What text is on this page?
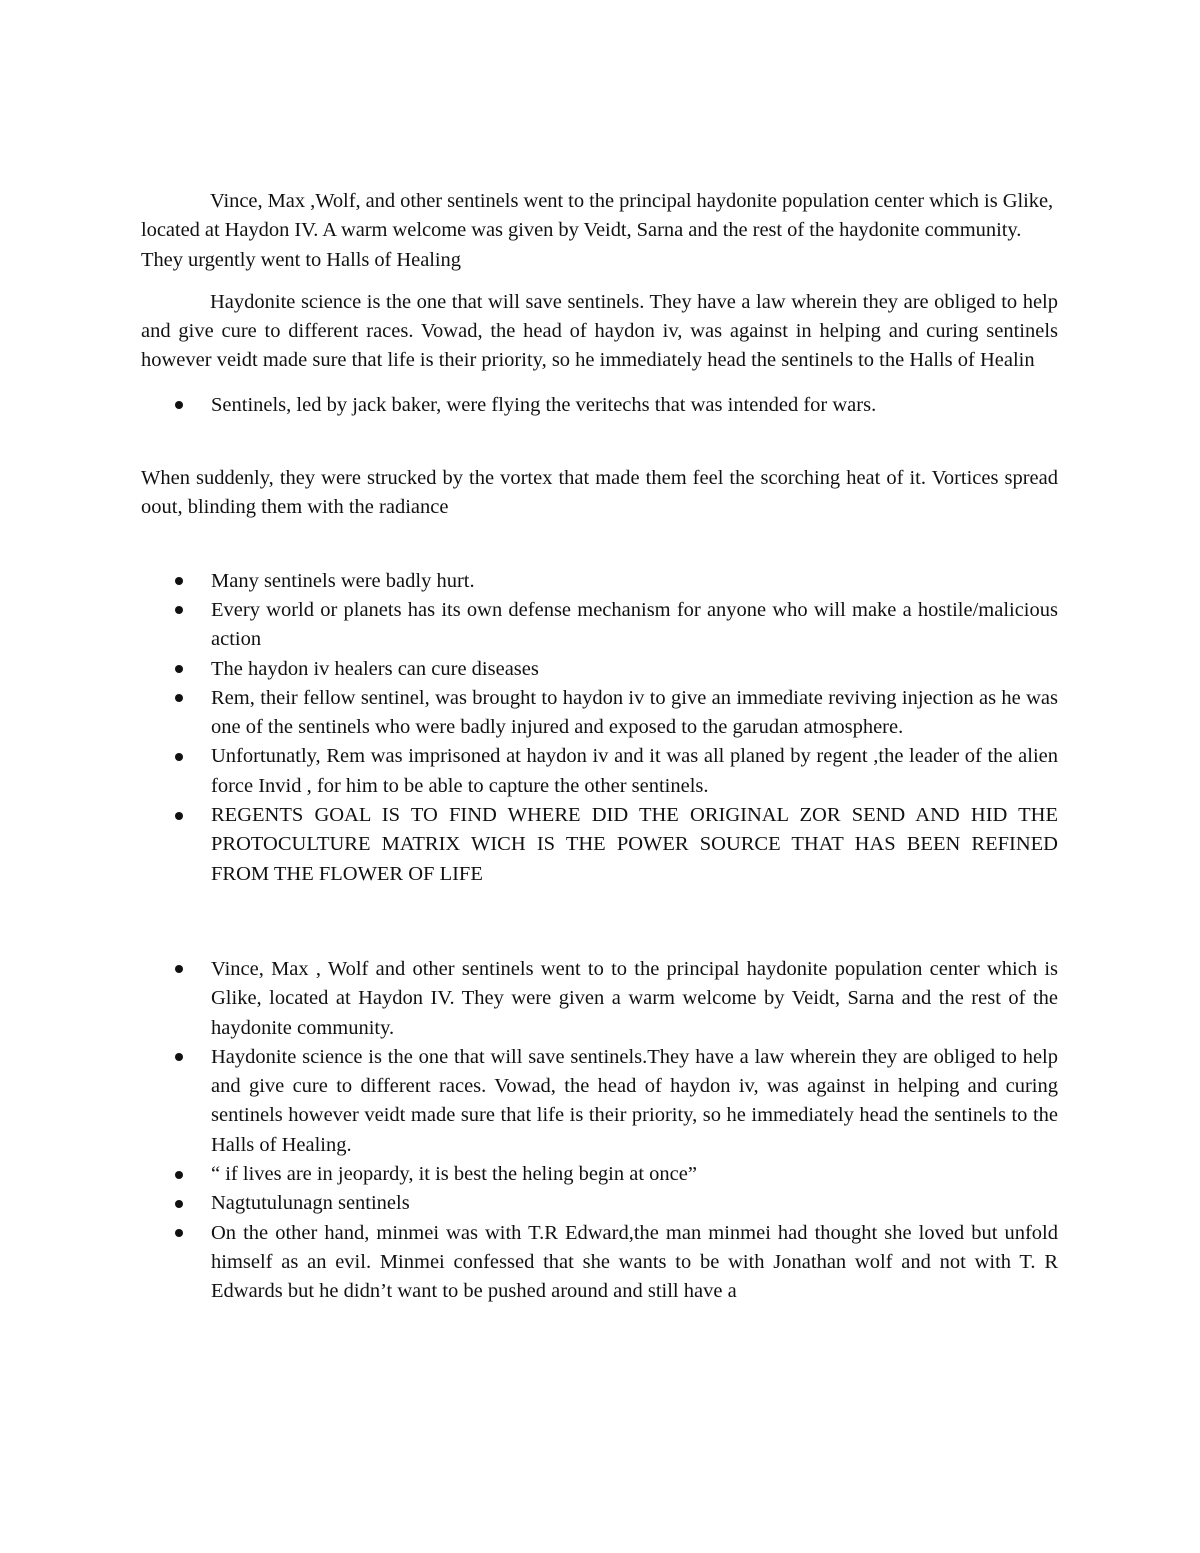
Vince, Max ,Wolf, and other sentinels went to the principal haydonite population center which is Glike, located at Haydon IV. A warm welcome was given by Veidt, Sarna and the rest of the haydonite community. They urgently went to Halls of Healing

Haydonite science is the one that will save sentinels. They have a law wherein they are obliged to help and give cure to different races. Vowad, the head of haydon iv, was against in helping and curing sentinels however veidt made sure that life is their priority, so he immediately head the sentinels to the Halls of Healin

Sentinels, led by jack baker, were flying the veritechs that was intended for wars.

When suddenly, they were strucked by the vortex that made them feel the scorching heat of it. Vortices spread oout, blinding them with the radiance

Many sentinels were badly hurt.
Every world or planets has its own defense mechanism for anyone who will make a hostile/malicious action
The haydon iv healers can cure diseases
Rem, their fellow sentinel, was brought to haydon iv to give an immediate reviving injection as he was one of the sentinels who were badly injured and exposed to the garudan atmosphere.
Unfortunatly, Rem was imprisoned at haydon iv and it was all planed by regent ,the leader of the alien force Invid , for him to be able to capture the other sentinels.
REGENTS GOAL IS TO FIND WHERE DID THE ORIGINAL ZOR SEND AND HID THE PROTOCULTURE MATRIX WICH IS THE POWER SOURCE THAT HAS BEEN REFINED FROM THE FLOWER OF LIFE
Vince, Max , Wolf and other sentinels went to to the principal haydonite population center which is Glike, located at Haydon IV. They were given a warm welcome by Veidt, Sarna and the rest of the haydonite community.
Haydonite science is the one that will save sentinels.They have a law wherein they are obliged to help and give cure to different races. Vowad, the head of haydon iv, was against in helping and curing sentinels however veidt made sure that life is their priority, so he immediately head the sentinels to the Halls of Healing.
“ if lives are in jeopardy, it is best the heling begin at once”
Nagtutulunagn sentinels
On the other hand, minmei was with T.R Edward,the man minmei had thought she loved but unfold himself as an evil. Minmei confessed that she wants to be with Jonathan wolf and not with T. R Edwards but he didn’t want to be pushed around and still have a
